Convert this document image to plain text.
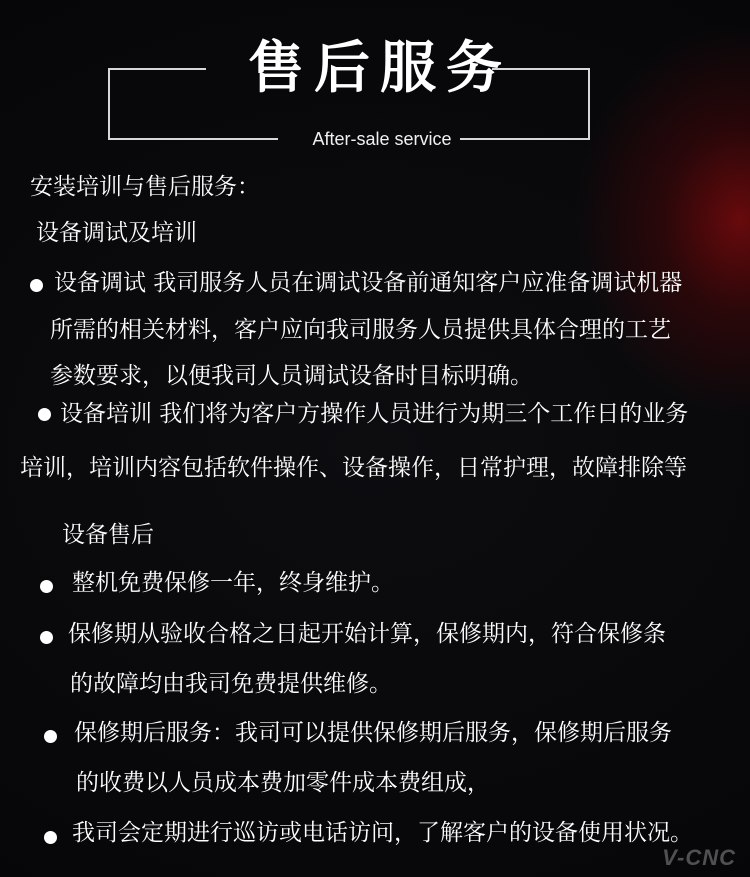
售后服务
After-sale service
安装培训与售后服务：
设备调试及培训
设备调试 我司服务人员在调试设备前通知客户应准备调试机器
所需的相关材料，客户应向我司服务人员提供具体合理的工艺
参数要求，以便我司人员调试设备时目标明确。
设备培训 我们将为客户方操作人员进行为期三个工作日的业务
培训，培训内容包括软件操作、设备操作，日常护理，故障排除等
设备售后
整机免费保修一年，终身维护。
保修期从验收合格之日起开始计算，保修期内，符合保修条
的故障均由我司免费提供维修。
保修期后服务：我司可以提供保修期后服务，保修期后服务
的收费以人员成本费加零件成本费组成，
我司会定期进行巡访或电话访问，了解客户的设备使用状况。
V-CNC
